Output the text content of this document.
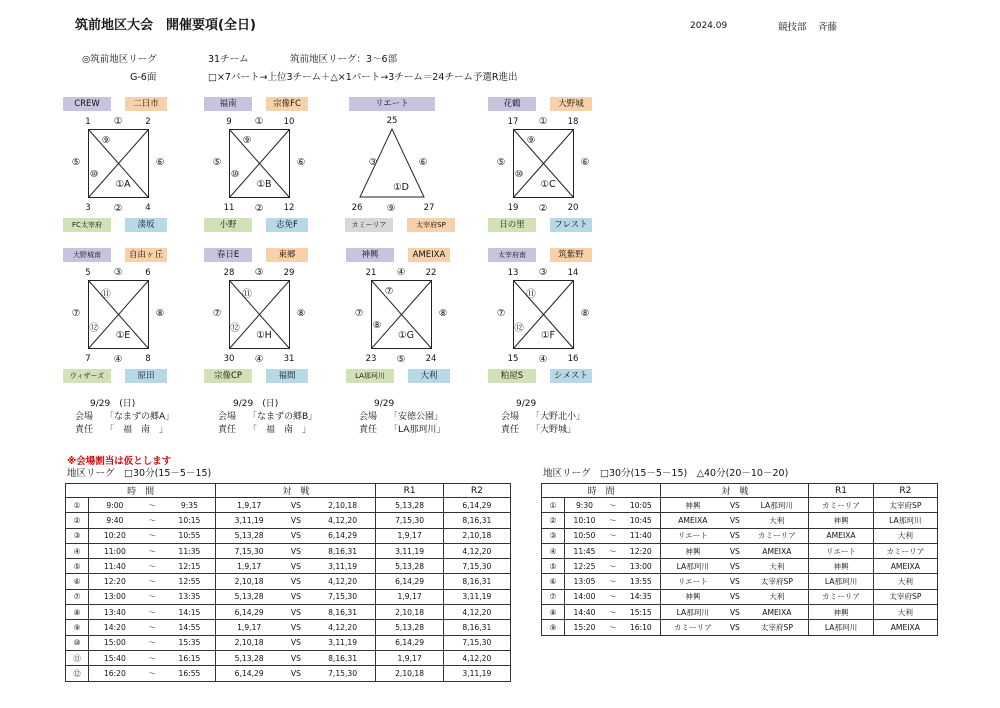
筑前地区大会　開催要項(全日)	2024.09	競技部 斉藤
◎筑前地区リーグ	31チーム	筑前地区リーグ：3～6部
G-6面	□×7パート→上位3チーム＋△×1パート→3チーム＝24チーム予選R進出
CREW	二日市
FC太宰府	湊坂
1	2
3	4
①
⑤	⑥
②
⑨
⑩
①A
福南	宗像FC
小野	志免F
9	10
11	12
①
⑤	⑥
②
⑨
⑩
①B
リエート
カミーリア	太宰府SP
25
26	27
③	⑥
⑨
①D
花鶴	大野城
日の里	フレスト
17	18
19	20
①
⑤	⑥
②
⑨
⑩
①C
大野城南	自由ヶ丘
ウィザーズ	原田
5	6
7	8
③
⑦	⑧
④
⑪
⑫
①E
春日E	東郷
宗像CP	福間
28	29
30	31
③
⑦	⑧
④
⑪
⑫
①H
神興	AMEIXA
LA那珂川	大利
21	22
23	24
④
⑦	⑧
⑤
⑦
⑧
①G
太宰府南	筑紫野
粕屋S	シメスト
13	14
15	16
③
⑦	⑧
④
⑪
⑫
①F
9/29　(日)
会場 「なまずの郷A」
責任 「　福　南　」
9/29　(日)
会場 「なまずの郷B」
責任 「　福　南　」
9/29
会場 「安徳公園」
責任 「LA那珂川」
9/29
会場 「大野北小」
責任 「大野城」
※会場割当は仮とします
地区リーグ　□30分(15－5－15)	地区リーグ　□30分(15－5－15)　△40分(20－10－20)
時　間				対　戦			R1	R2
①	9:00	～	9:35	1,9,17	VS	2,10,18	5,13,28	6,14,29
②	9:40	～	10:15	3,11,19	VS	4,12,20	7,15,30	8,16,31
③	10:20	～	10:55	5,13,28	VS	6,14,29	1,9,17	2,10,18
④	11:00	～	11:35	7,15,30	VS	8,16,31	3,11,19	4,12,20
⑤	11:40	～	12:15	1,9,17	VS	3,11,19	5,13,28	7,15,30
⑥	12:20	～	12:55	2,10,18	VS	4,12,20	6,14,29	8,16,31
⑦	13:00	～	13:35	5,13,28	VS	7,15,30	1,9,17	3,11,19
⑧	13:40	～	14:15	6,14,29	VS	8,16,31	2,10,18	4,12,20
⑨	14:20	～	14:55	1,9,17	VS	4,12,20	5,13,28	8,16,31
⑩	15:00	～	15:35	2,10,18	VS	3,11,19	6,14,29	7,15,30
⑪	15:40	～	16:15	5,13,28	VS	8,16,31	1,9,17	4,12,20
⑫	16:20	～	16:55	6,14,29	VS	7,15,30	2,10,18	3,11,19
時　間				対　戦			R1	R2
①	9:30	～	10:05	神興	VS	LA那珂川	カミーリア	太宰府SP
②	10:10	～	10:45	AMEIXA	VS	大利	神興	LA那珂川
③	10:50	～	11:40	リエート	VS	カミーリア	AMEIXA	大利
④	11:45	～	12:20	神興	VS	AMEIXA	リエート	カミーリア
⑤	12:25	～	13:00	LA那珂川	VS	大利	神興	AMEIXA
⑥	13:05	～	13:55	リエート	VS	太宰府SP	LA那珂川	大利
⑦	14:00	～	14:35	神興	VS	大利	カミーリア	太宰府SP
⑧	14:40	～	15:15	LA那珂川	VS	AMEIXA	神興	大利
⑨	15:20	～	16:10	カミーリア	VS	太宰府SP	LA那珂川	AMEIXA
